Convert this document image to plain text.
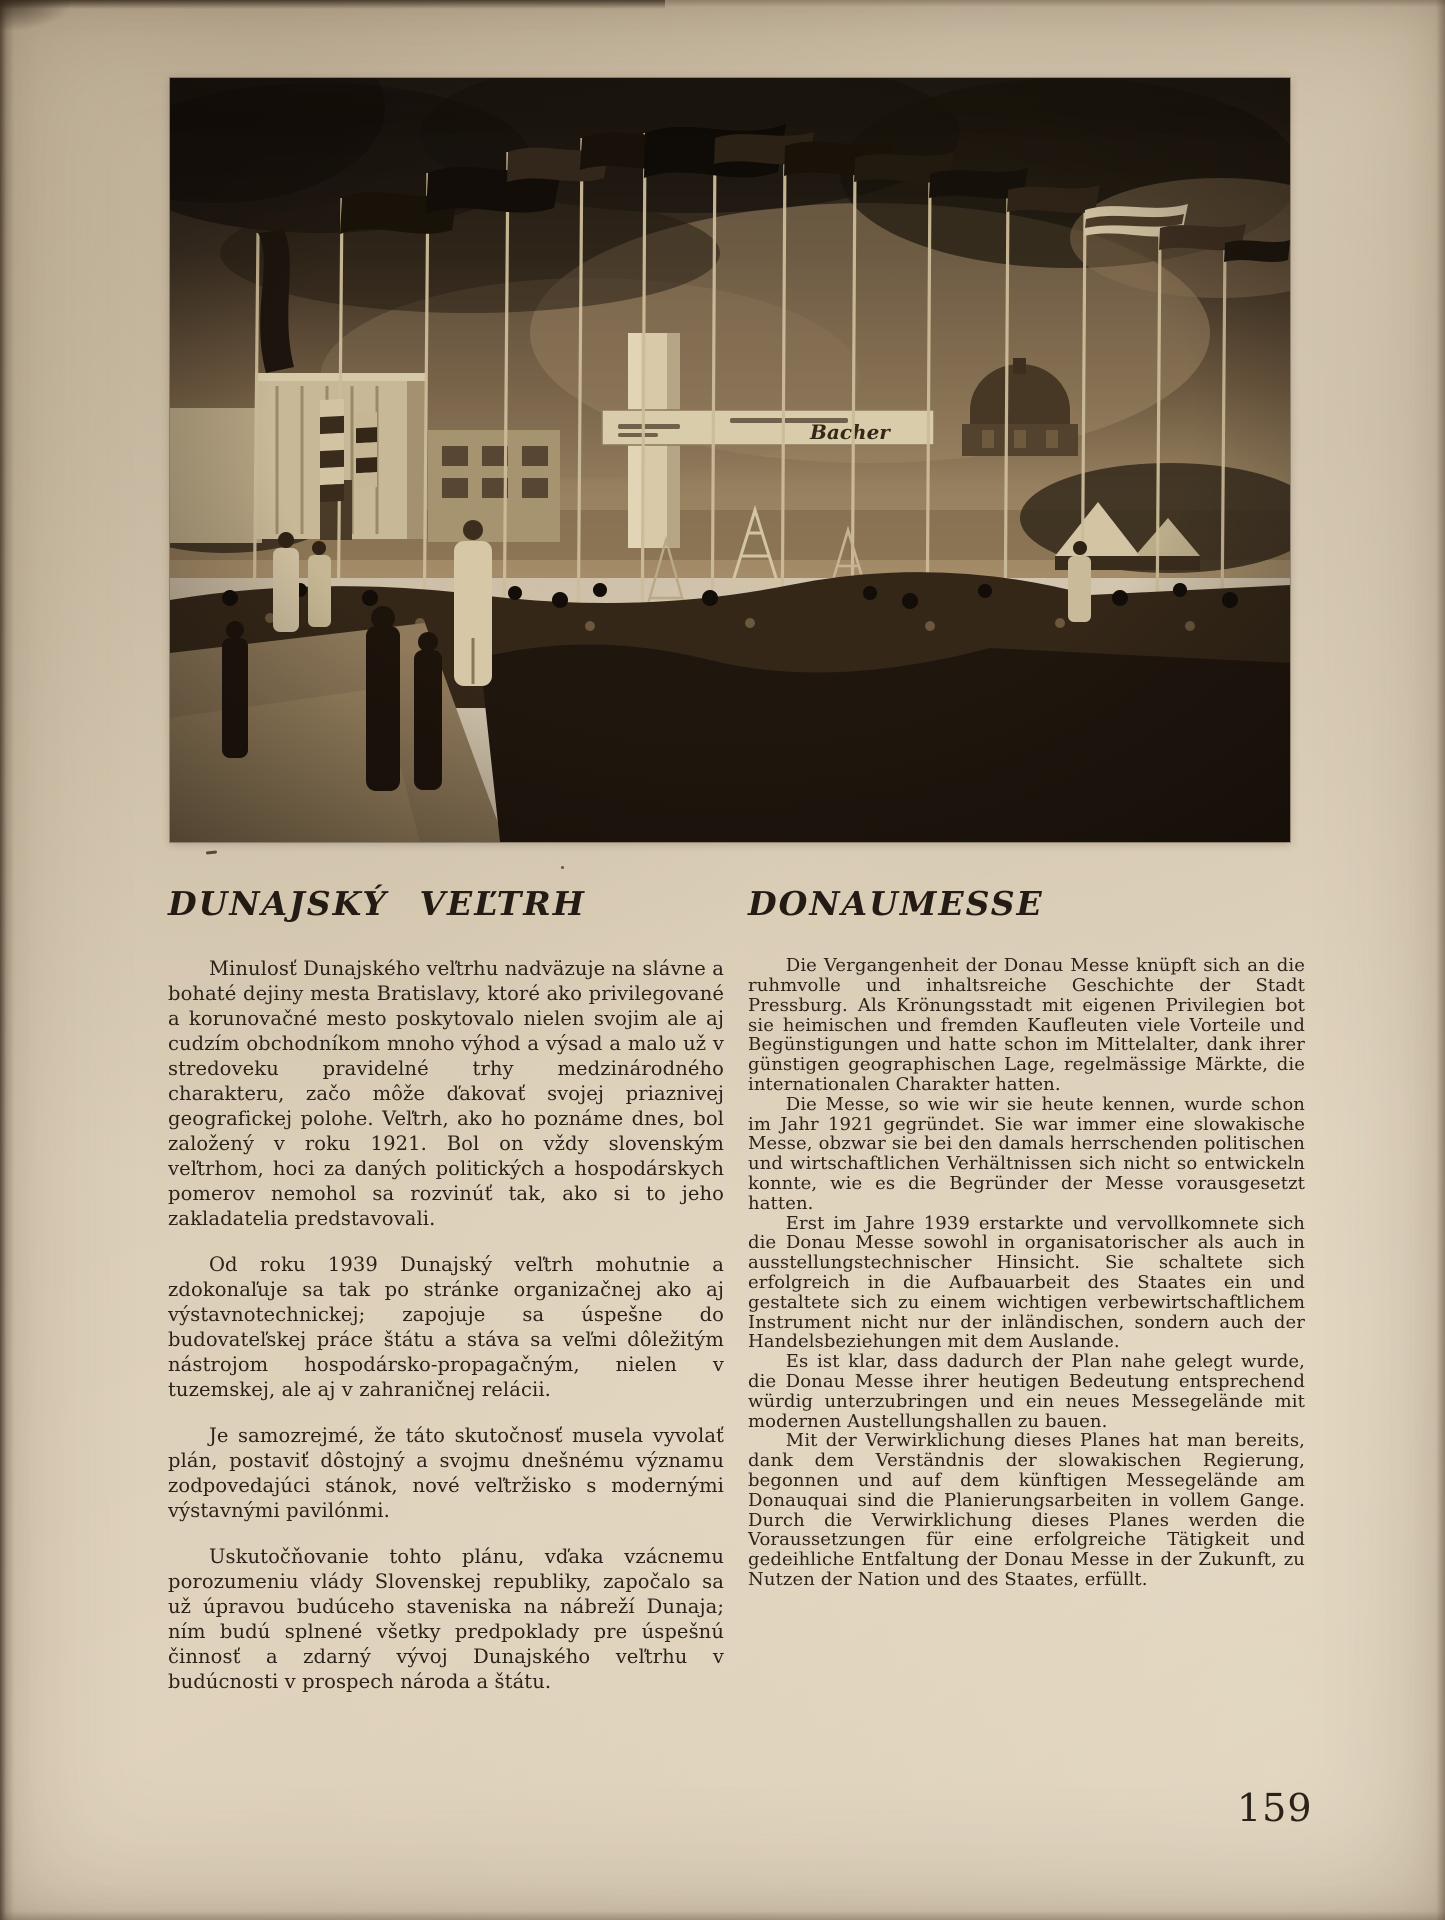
DUNAJSKÝ VEĽTRH

Minulosť Dunajského veľtrhu nadväzuje na slávne a bohaté dejiny mesta Bratislavy, ktoré ako privilegované a korunovačné mesto poskytovalo nielen svojim ale aj cudzím obchodníkom mnoho výhod a výsad a malo už v stredoveku pravidelné trhy medzinárodného charakteru, začo môže ďakovať svojej priaznivej geografickej polohe. Veľtrh, ako ho poznáme dnes, bol založený v roku 1921. Bol on vždy slovenským veľtrhom, hoci za daných politických a hospodárskych pomerov nemohol sa rozvinúť tak, ako si to jeho zakladatelia predstavovali.

Od roku 1939 Dunajský veľtrh mohutnie a zdokonaľuje sa tak po stránke organizačnej ako aj výstavnotechnickej; zapojuje sa úspešne do budovateľskej práce štátu a stáva sa veľmi dôležitým nástrojom hospodársko-propagačným, nielen v tuzemskej, ale aj v zahraničnej relácii.

Je samozrejmé, že táto skutočnosť musela vyvolať plán, postaviť dôstojný a svojmu dnešnému významu zodpovedajúci stánok, nové veľtržisko s modernými výstavnými pavilónmi.

Uskutočňovanie tohto plánu, vďaka vzácnemu porozumeniu vlády Slovenskej republiky, započalo sa už úpravou budúceho staveniska na nábreží Dunaja; ním budú splnené všetky predpoklady pre úspešnú činnosť a zdarný vývoj Dunajského veľtrhu v budúcnosti v prospech národa a štátu.

DONAUMESSE

Die Vergangenheit der Donau Messe knüpft sich an die ruhmvolle und inhaltsreiche Geschichte der Stadt Pressburg. Als Krönungsstadt mit eigenen Privilegien bot sie heimischen und fremden Kaufleuten viele Vorteile und Begünstigungen und hatte schon im Mittelalter, dank ihrer günstigen geographischen Lage, regelmässige Märkte, die internationalen Charakter hatten.

Die Messe, so wie wir sie heute kennen, wurde schon im Jahr 1921 gegründet. Sie war immer eine slowakische Messe, obzwar sie bei den damals herrschenden politischen und wirtschaftlichen Verhältnissen sich nicht so entwickeln konnte, wie es die Begründer der Messe vorausgesetzt hatten.

Erst im Jahre 1939 erstarkte und vervollkomnete sich die Donau Messe sowohl in organisatorischer als auch in ausstellungstechnischer Hinsicht. Sie schaltete sich erfolgreich in die Aufbauarbeit des Staates ein und gestaltete sich zu einem wichtigen verbewirtschaftlichem Instrument nicht nur der inländischen, sondern auch der Handelsbeziehungen mit dem Auslande.

Es ist klar, dass dadurch der Plan nahe gelegt wurde, die Donau Messe ihrer heutigen Bedeutung entsprechend würdig unterzubringen und ein neues Messegelände mit modernen Austellungshallen zu bauen.

Mit der Verwirklichung dieses Planes hat man bereits, dank dem Verständnis der slowakischen Regierung, begonnen und auf dem künftigen Messegelände am Donauquai sind die Planierungsarbeiten in vollem Gange. Durch die Verwirklichung dieses Planes werden die Voraussetzungen für eine erfolgreiche Tätigkeit und gedeihliche Entfaltung der Donau Messe in der Zukunft, zu Nutzen der Nation und des Staates, erfüllt.

159
